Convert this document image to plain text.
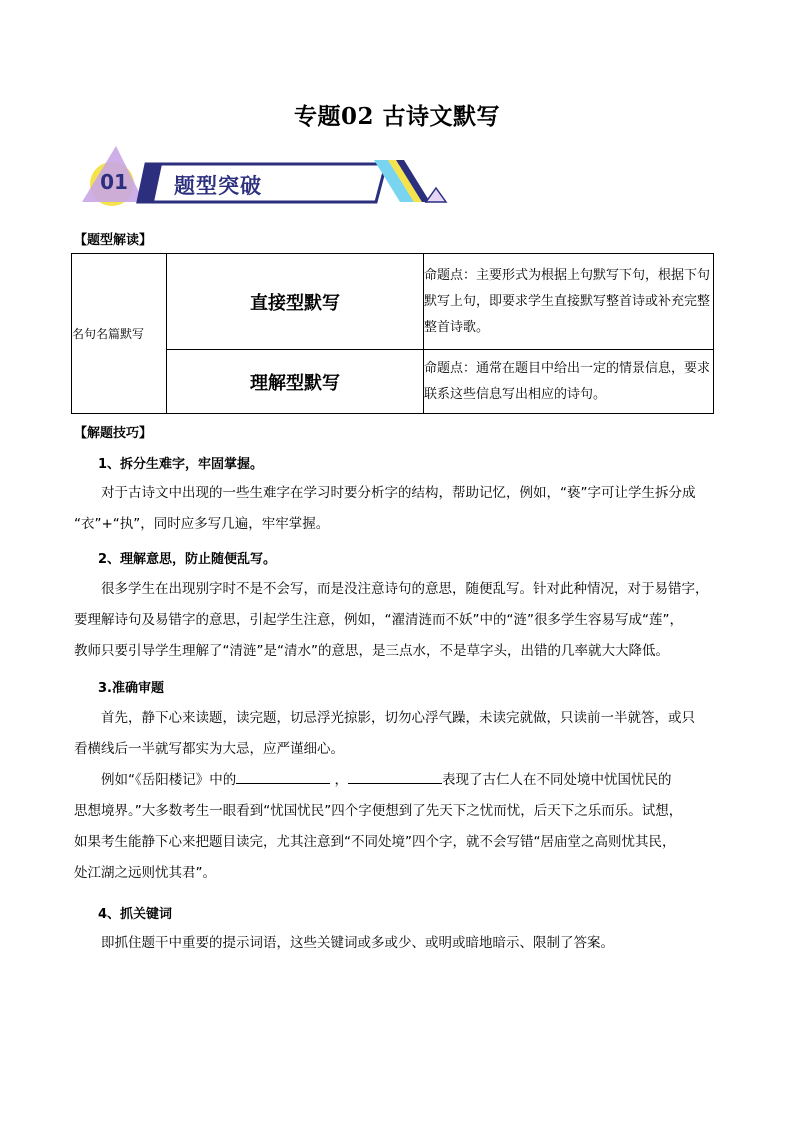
专题02 古诗文默写
01 题型突破
【题型解读】
名句名篇默写	直接型默写	命题点：主要形式为根据上句默写下句，根据下句默写上句，即要求学生直接默写整首诗或补充完整整首诗歌。
	理解型默写	命题点：通常在题目中给出一定的情景信息，要求联系这些信息写出相应的诗句。
【解题技巧】
1、拆分生难字，牢固掌握。
对于古诗文中出现的一些生难字在学习时要分析字的结构，帮助记忆，例如，“亵”字可让学生拆分成
“衣”+“执”，同时应多写几遍，牢牢掌握。
2、理解意思，防止随便乱写。
很多学生在出现别字时不是不会写，而是没注意诗句的意思，随便乱写。针对此种情况，对于易错字，
要理解诗句及易错字的意思，引起学生注意，例如，“濯清涟而不妖”中的“涟”很多学生容易写成“莲”，
教师只要引导学生理解了“清涟”是“清水”的意思，是三点水，不是草字头，出错的几率就大大降低。
3.准确审题
首先，静下心来读题，读完题，切忌浮光掠影，切勿心浮气躁，未读完就做，只读前一半就答，或只
看横线后一半就写都实为大忌，应严谨细心。
例如“《岳阳楼记》中的	，	表现了古仁人在不同处境中忧国忧民的
思想境界。”大多数考生一眼看到“忧国忧民”四个字便想到了先天下之忧而忧，后天下之乐而乐。试想，
如果考生能静下心来把题目读完，尤其注意到“不同处境”四个字，就不会写错“居庙堂之高则忧其民，
处江湖之远则忧其君”。
4、抓关键词
即抓住题干中重要的提示词语，这些关键词或多或少、或明或暗地暗示、限制了答案。
